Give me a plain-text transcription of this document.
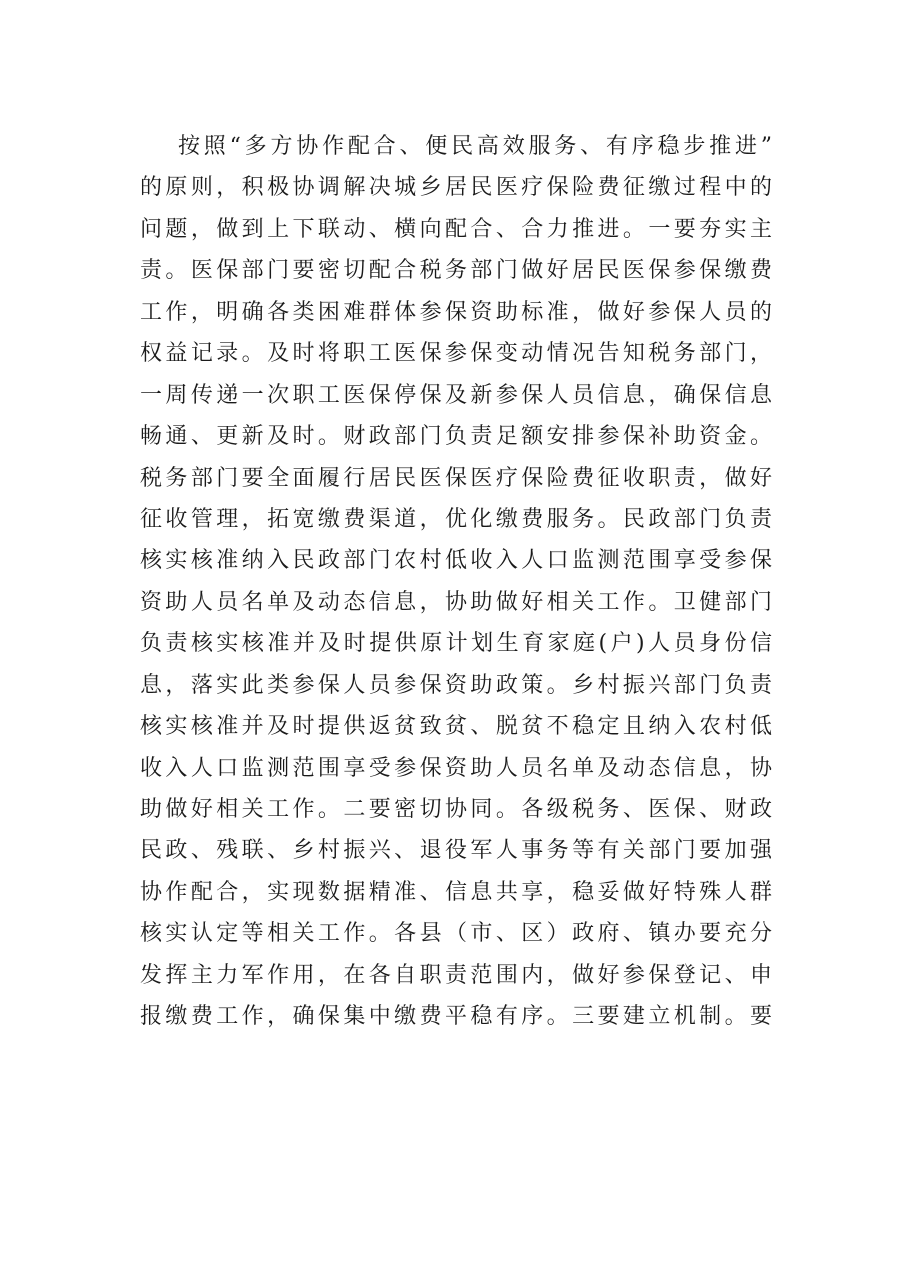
按照“多方协作配合、便民高效服务、有序稳步推进”
的原则，积极协调解决城乡居民医疗保险费征缴过程中的
问题，做到上下联动、横向配合、合力推进。一要夯实主
责。医保部门要密切配合税务部门做好居民医保参保缴费
工作，明确各类困难群体参保资助标准，做好参保人员的
权益记录。及时将职工医保参保变动情况告知税务部门，
一周传递一次职工医保停保及新参保人员信息，确保信息
畅通、更新及时。财政部门负责足额安排参保补助资金。
税务部门要全面履行居民医保医疗保险费征收职责，做好
征收管理，拓宽缴费渠道，优化缴费服务。民政部门负责
核实核准纳入民政部门农村低收入人口监测范围享受参保
资助人员名单及动态信息，协助做好相关工作。卫健部门
负责核实核准并及时提供原计划生育家庭(户)人员身份信
息，落实此类参保人员参保资助政策。乡村振兴部门负责
核实核准并及时提供返贫致贫、脱贫不稳定且纳入农村低
收入人口监测范围享受参保资助人员名单及动态信息，协
助做好相关工作。二要密切协同。各级税务、医保、财政
民政、残联、乡村振兴、退役军人事务等有关部门要加强
协作配合，实现数据精准、信息共享，稳妥做好特殊人群
核实认定等相关工作。各县（市、区）政府、镇办要充分
发挥主力军作用，在各自职责范围内，做好参保登记、申
报缴费工作，确保集中缴费平稳有序。三要建立机制。要
